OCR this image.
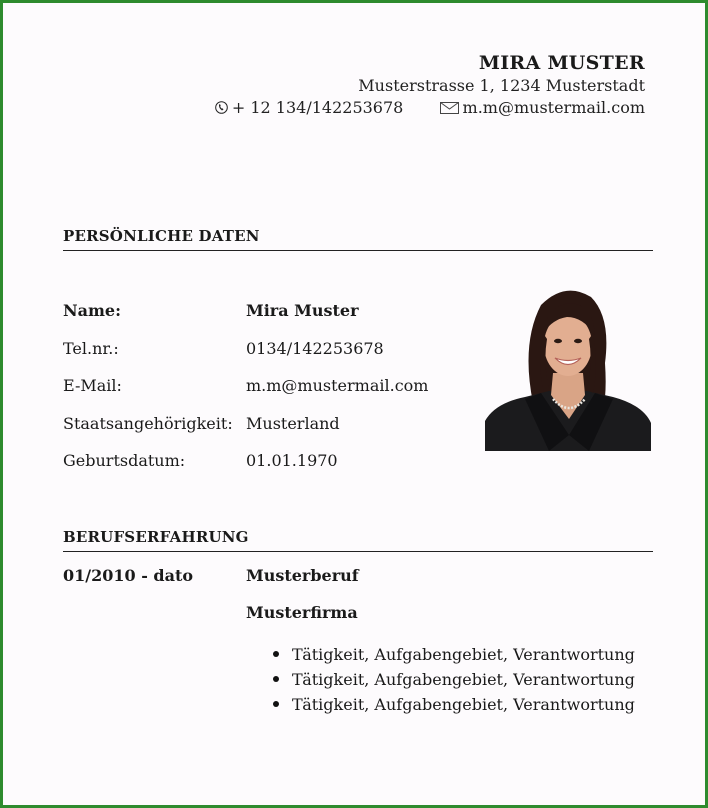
MIRA MUSTER
Musterstrasse 1, 1234 Musterstadt
+ 12 134/142253678	m.m@mustermail.com
PERSÖNLICHE DATEN
Name:	Mira Muster
Tel.nr.:	0134/142253678
E-Mail:	m.m@mustermail.com
Staatsangehörigkeit: Musterland
Geburtsdatum:	01.01.1970
BERUFSERFAHRUNG
01/2010 - dato	Musterberuf
Musterfirma
Tätigkeit, Aufgabengebiet, Verantwortung
Tätigkeit, Aufgabengebiet, Verantwortung
Tätigkeit, Aufgabengebiet, Verantwortung
